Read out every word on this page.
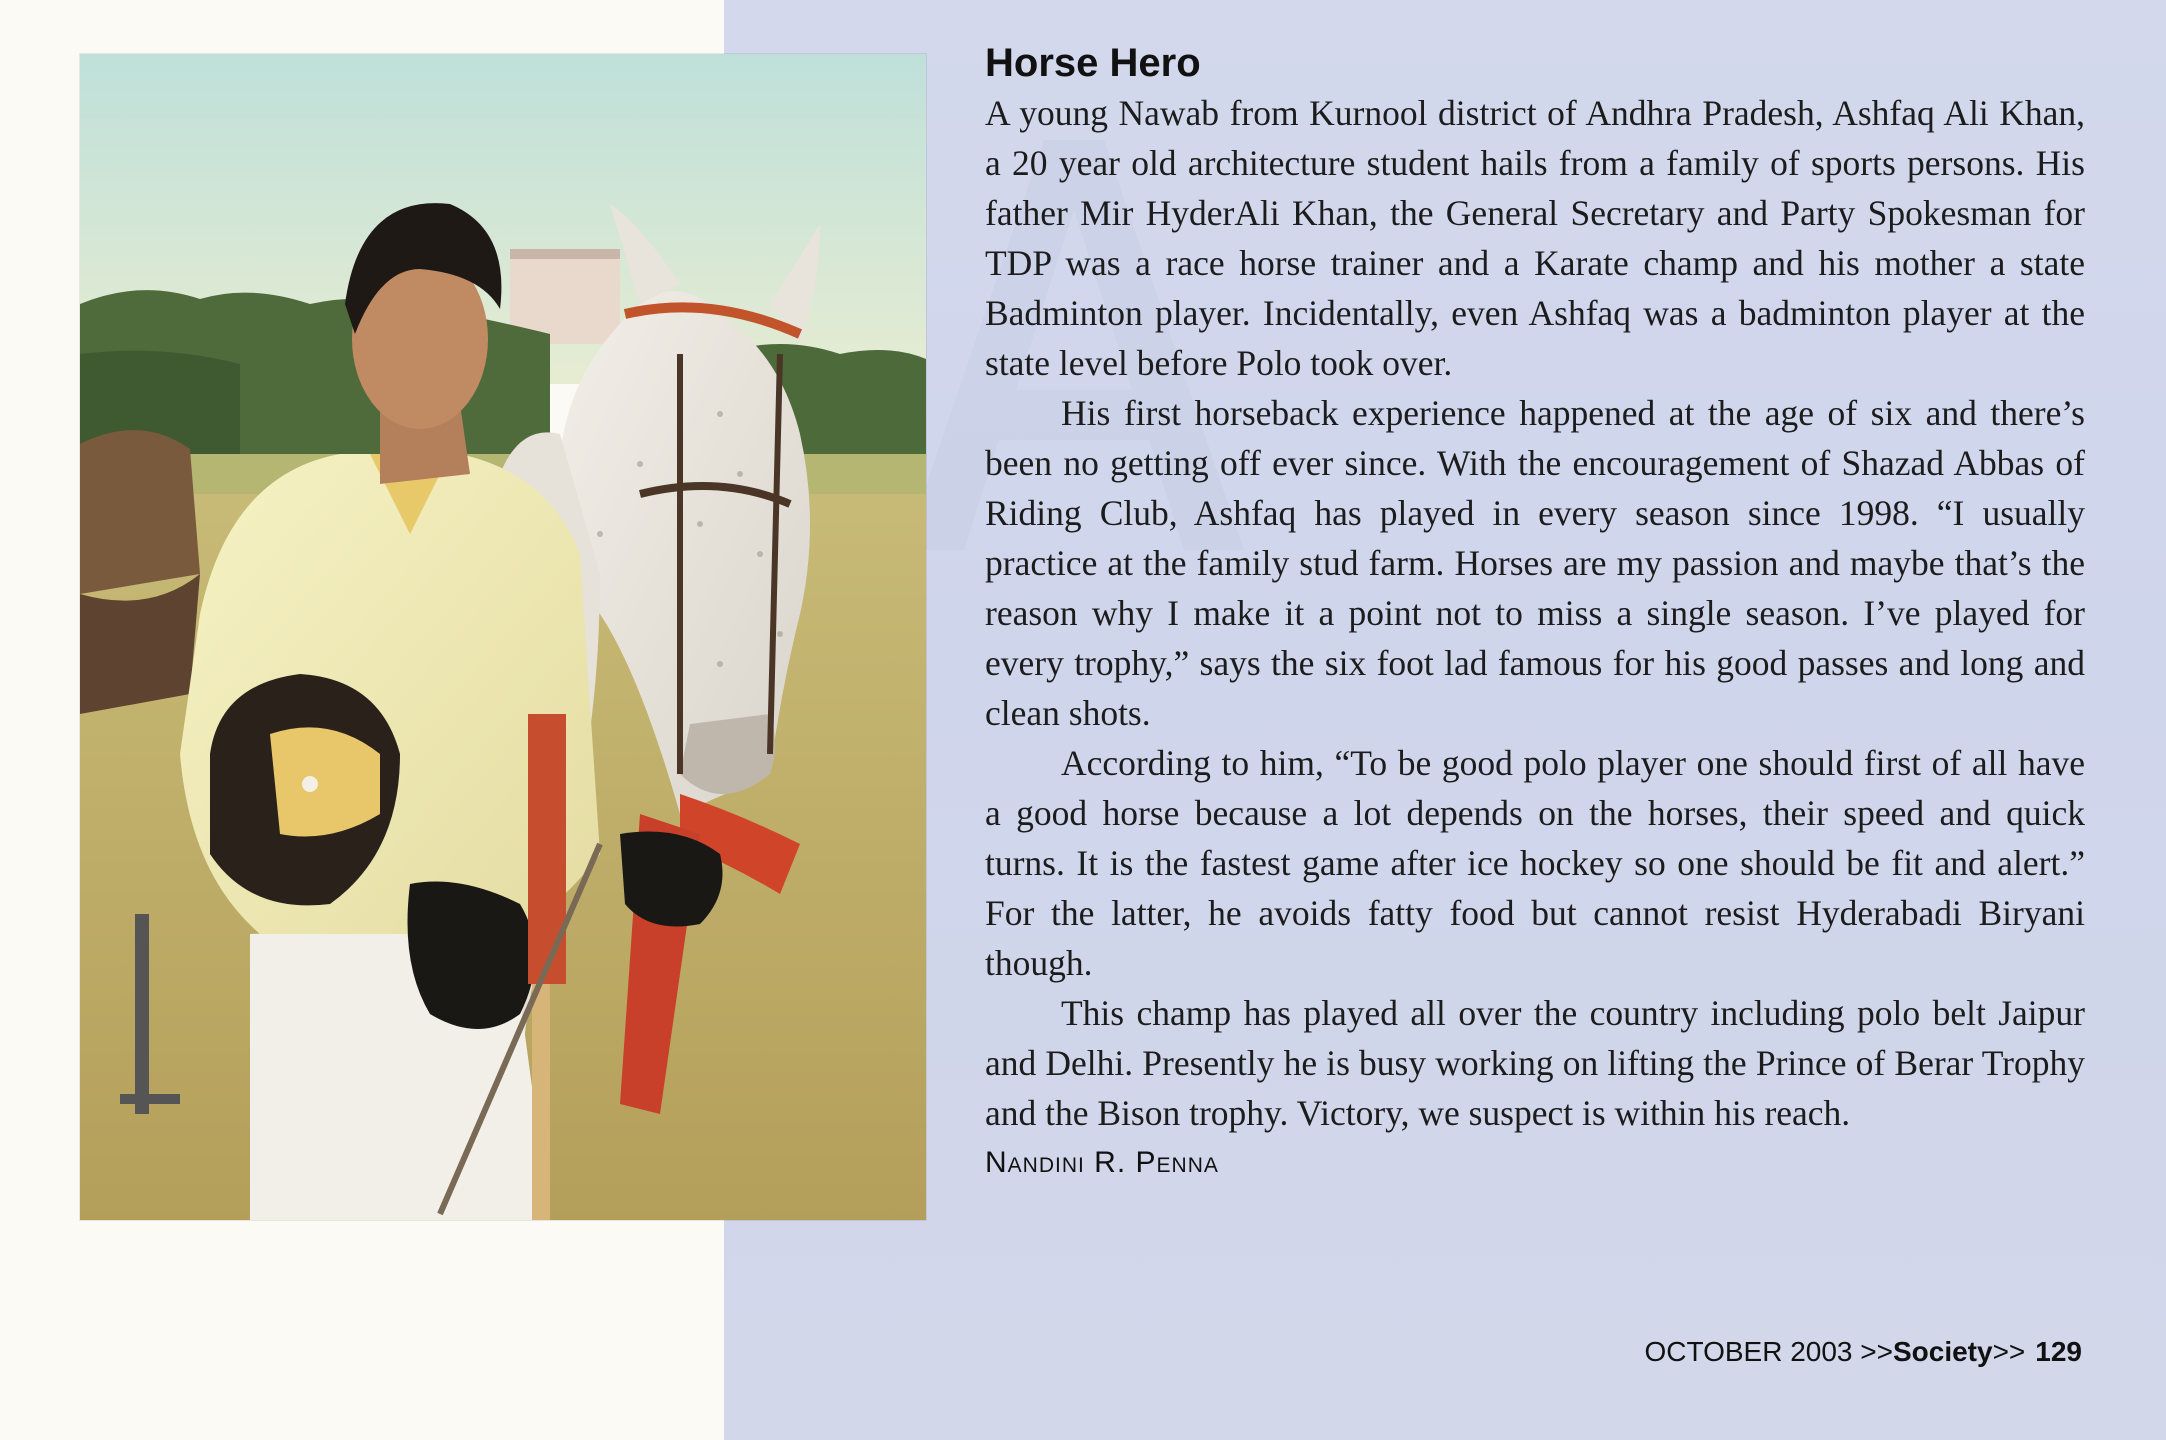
Horse Hero

A young Nawab from Kurnool district of Andhra Pradesh, Ashfaq Ali Khan, a 20 year old architecture student hails from a family of sports persons. His father Mir HyderAli Khan, the General Secretary and Party Spokesman for TDP was a race horse trainer and a Karate champ and his mother a state Badminton player. Incidentally, even Ashfaq was a badminton player at the state level before Polo took over.

His first horseback experience happened at the age of six and there’s been no getting off ever since. With the encouragement of Shazad Abbas of Riding Club, Ashfaq has played in every season since 1998. “I usually practice at the family stud farm. Horses are my passion and maybe that’s the reason why I make it a point not to miss a single season. I’ve played for every trophy,” says the six foot lad famous for his good passes and long and clean shots.

According to him, “To be good polo player one should first of all have a good horse because a lot depends on the horses, their speed and quick turns. It is the fastest game after ice hockey so one should be fit and alert.” For the latter, he avoids fatty food but cannot resist Hyderabadi Biryani though.

This champ has played all over the country including polo belt Jaipur and Delhi. Presently he is busy working on lifting the Prince of Berar Trophy and the Bison trophy. Victory, we suspect is within his reach.

Nandini R. Penna
OCTOBER 2003 >>Society>> 129
